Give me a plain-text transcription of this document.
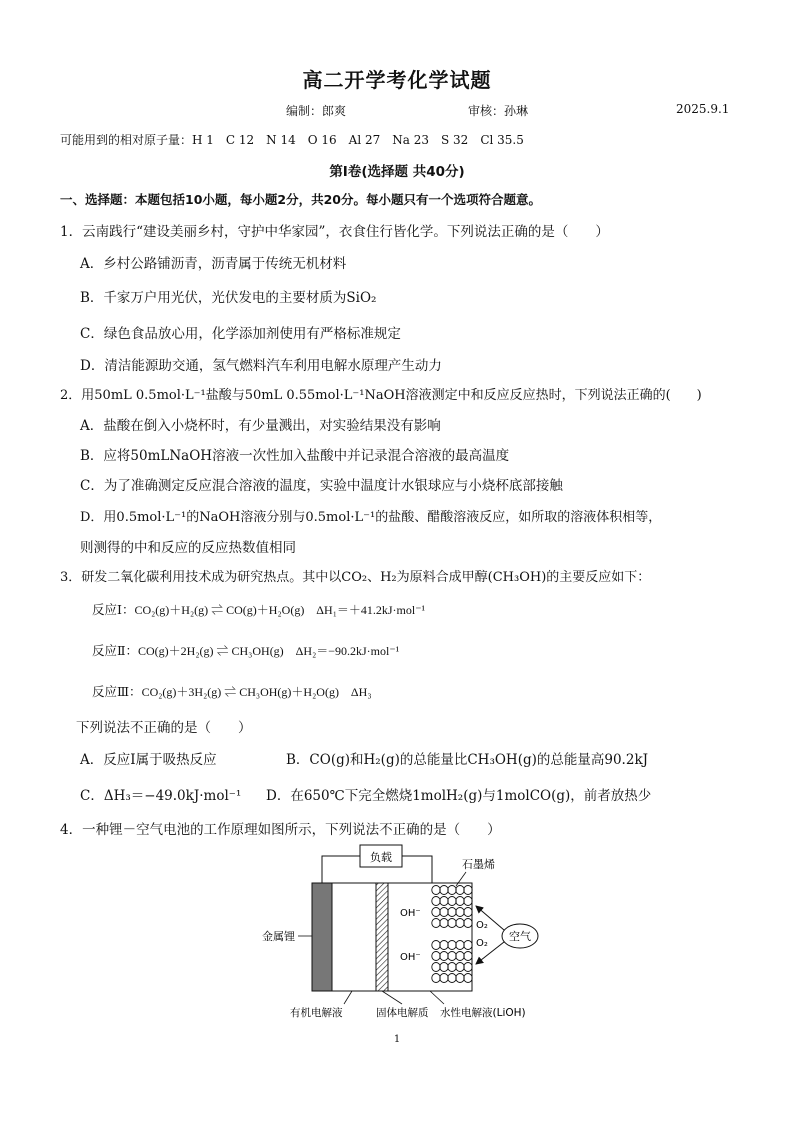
高二开学考化学试题
编制：郎爽	审核：孙琳	2025.9.1
可能用到的相对原子量：H 1　C 12　N 14　O 16　Al 27　Na 23　S 32　Cl 35.5
第Ⅰ卷(选择题 共40分)
一、选择题：本题包括10小题，每小题2分，共20分。每小题只有一个选项符合题意。
1．云南践行“建设美丽乡村，守护中华家园”，衣食住行皆化学。下列说法正确的是（　　）
A．乡村公路铺沥青，沥青属于传统无机材料
B．千家万户用光伏，光伏发电的主要材质为SiO₂
C．绿色食品放心用，化学添加剂使用有严格标准规定
D．清洁能源助交通，氢气燃料汽车利用电解水原理产生动力
2．用50mL 0.5mol·L⁻¹盐酸与50mL 0.55mol·L⁻¹NaOH溶液测定中和反应反应热时，下列说法正确的(　　)
A．盐酸在倒入小烧杯时，有少量溅出，对实验结果没有影响
B．应将50mLNaOH溶液一次性加入盐酸中并记录混合溶液的最高温度
C．为了准确测定反应混合溶液的温度，实验中温度计水银球应与小烧杯底部接触
D．用0.5mol·L⁻¹的NaOH溶液分别与0.5mol·L⁻¹的盐酸、醋酸溶液反应，如所取的溶液体积相等，
则测得的中和反应的反应热数值相同
3．研发二氧化碳利用技术成为研究热点。其中以CO₂、H₂为原料合成甲醇(CH₃OH)的主要反应如下：
反应Ⅰ：CO₂(g)＋H₂(g) ⇌ CO(g)＋H₂O(g)　ΔH₁＝＋41.2kJ·mol⁻¹
反应Ⅱ：CO(g)＋2H₂(g) ⇌ CH₃OH(g)　ΔH₂＝−90.2kJ·mol⁻¹
反应Ⅲ：CO₂(g)＋3H₂(g) ⇌ CH₃OH(g)＋H₂O(g)　ΔH₃
下列说法不正确的是（　　）
A．反应Ⅰ属于吸热反应	B．CO(g)和H₂(g)的总能量比CH₃OH(g)的总能量高90.2kJ
C．ΔH₃＝−49.0kJ·mol⁻¹ D．在650℃下完全燃烧1molH₂(g)与1molCO(g)，前者放热少
4．一种锂－空气电池的工作原理如图所示，下列说法不正确的是（　　）
负载
OH⁻
OH⁻
O₂
O₂
石墨烯
空气
金属锂
有机电解液	固体电解质 水性电解液(LiOH)
1
